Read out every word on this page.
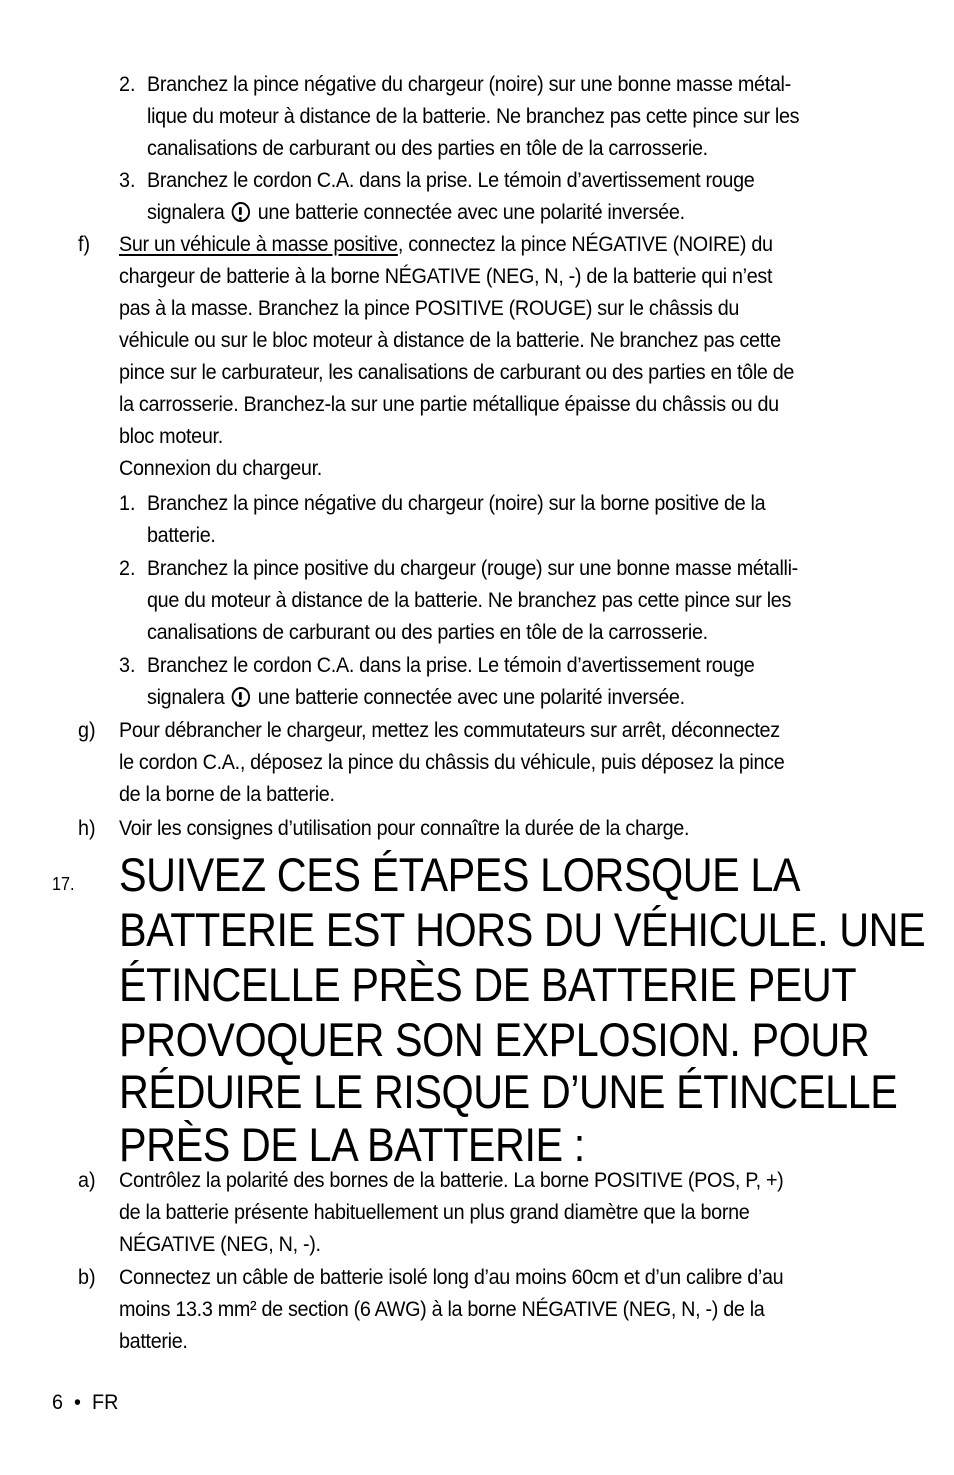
2. Branchez la pince négative du chargeur (noire) sur une bonne masse métal-
lique du moteur à distance de la batterie. Ne branchez pas cette pince sur les
canalisations de carburant ou des parties en tôle de la carrosserie.
3. Branchez le cordon C.A. dans la prise. Le témoin d’avertissement rouge
signalera une batterie connectée avec une polarité inversée.
f) Sur un véhicule à masse positive, connectez la pince NÉGATIVE (NOIRE) du
chargeur de batterie à la borne NÉGATIVE (NEG, N, -) de la batterie qui n’est
pas à la masse. Branchez la pince POSITIVE (ROUGE) sur le châssis du
véhicule ou sur le bloc moteur à distance de la batterie. Ne branchez pas cette
pince sur le carburateur, les canalisations de carburant ou des parties en tôle de
la carrosserie. Branchez-la sur une partie métallique épaisse du châssis ou du
bloc moteur.
Connexion du chargeur.
1. Branchez la pince négative du chargeur (noire) sur la borne positive de la
batterie.
2. Branchez la pince positive du chargeur (rouge) sur une bonne masse métalli-
que du moteur à distance de la batterie. Ne branchez pas cette pince sur les
canalisations de carburant ou des parties en tôle de la carrosserie.
3. Branchez le cordon C.A. dans la prise. Le témoin d’avertissement rouge
signalera une batterie connectée avec une polarité inversée.
g) Pour débrancher le chargeur, mettez les commutateurs sur arrêt, déconnectez
le cordon C.A., déposez la pince du châssis du véhicule, puis déposez la pince
de la borne de la batterie.
h) Voir les consignes d’utilisation pour connaître la durée de la charge.
17. SUIVEZ CES ÉTAPES LORSQUE LA
BATTERIE EST HORS DU VÉHICULE. UNE
ÉTINCELLE PRÈS DE BATTERIE PEUT
PROVOQUER SON EXPLOSION. POUR
RÉDUIRE LE RISQUE D’UNE ÉTINCELLE
PRÈS DE LA BATTERIE :
a) Contrôlez la polarité des bornes de la batterie. La borne POSITIVE (POS, P, +)
de la batterie présente habituellement un plus grand diamètre que la borne
NÉGATIVE (NEG, N, -).
b) Connectez un câble de batterie isolé long d’au moins 60cm et d’un calibre d’au
moins 13.3 mm² de section (6 AWG) à la borne NÉGATIVE (NEG, N, -) de la
batterie.
6 • FR
